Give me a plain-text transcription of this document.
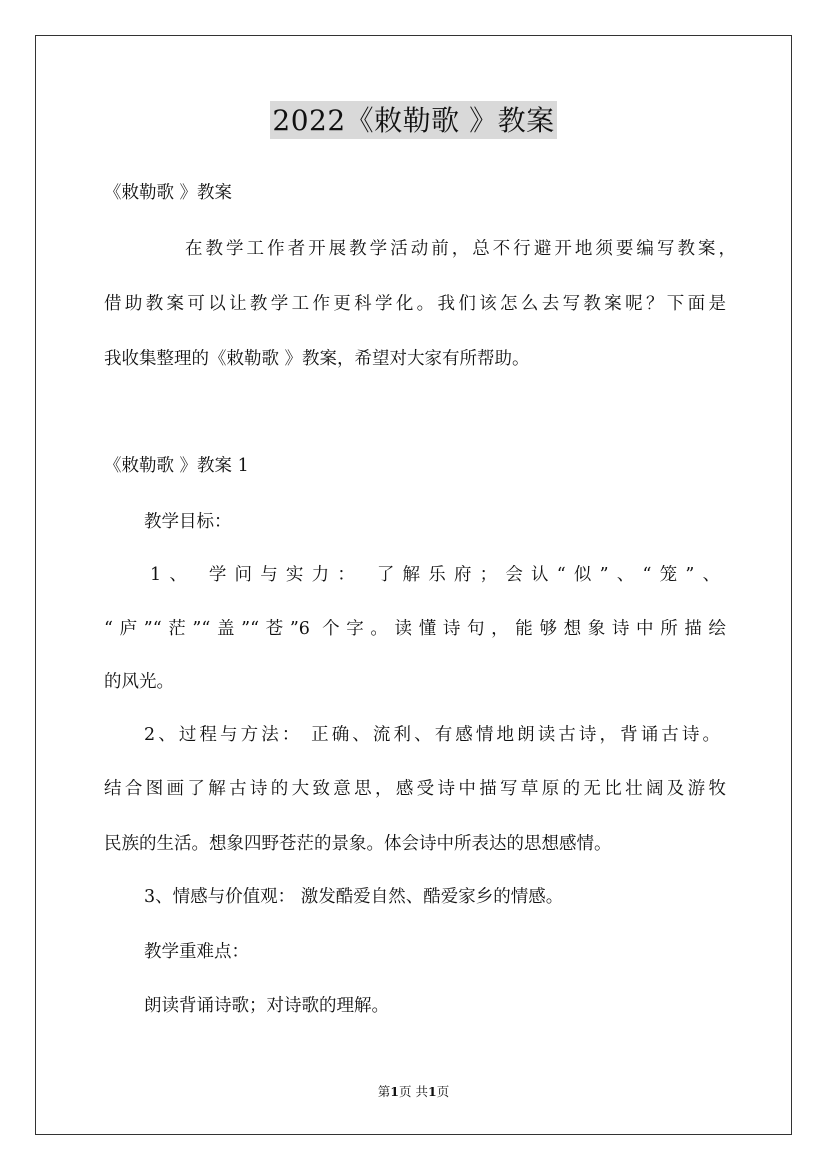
2022《敕勒歌 》教案
《敕勒歌 》教案
在教学工作者开展教学活动前，总不行避开地须要编写教案，
借助教案可以让教学工作更科学化。我们该怎么去写教案呢？下面是
我收集整理的《敕勒歌 》教案，希望对大家有所帮助。
《敕勒歌 》教案 1
教学目标：
1、 学问与实力： 了解乐府；会认“似”、“笼”、
“庐”“茫”“盖”“苍”6 个字。读懂诗句，能够想象诗中所描绘
的风光。
2、过程与方法： 正确、流利、有感情地朗读古诗，背诵古诗。
结合图画了解古诗的大致意思，感受诗中描写草原的无比壮阔及游牧
民族的生活。想象四野苍茫的景象。体会诗中所表达的思想感情。
3、情感与价值观： 激发酷爱自然、酷爱家乡的情感。
教学重难点：
朗读背诵诗歌；对诗歌的理解。
第1页 共1页
